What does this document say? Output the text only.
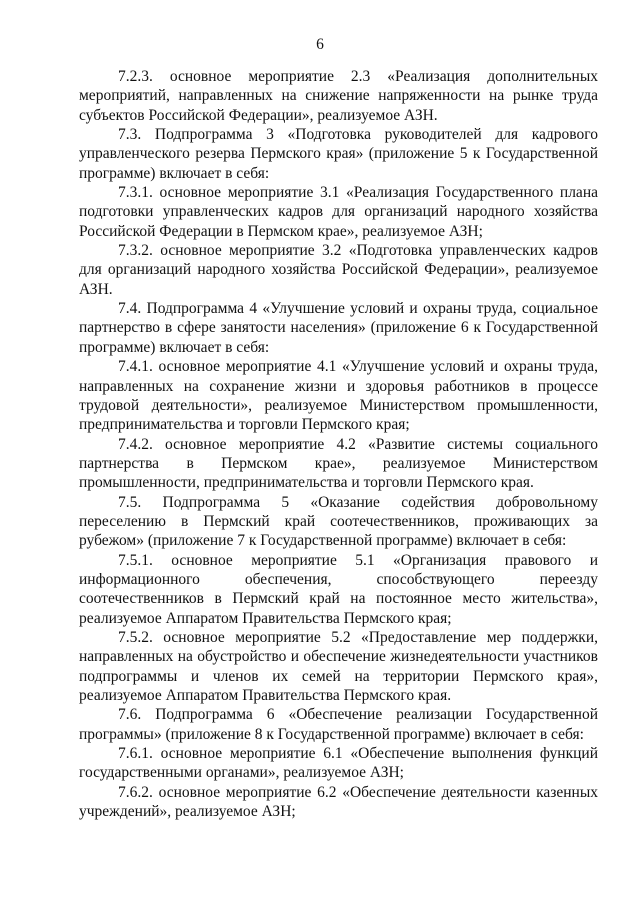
6

7.2.3. основное мероприятие 2.3 «Реализация дополнительных мероприятий, направленных на снижение напряженности на рынке труда субъектов Российской Федерации», реализуемое АЗН.

7.3. Подпрограмма 3 «Подготовка руководителей для кадрового управленческого резерва Пермского края» (приложение 5 к Государственной программе) включает в себя:

7.3.1. основное мероприятие 3.1 «Реализация Государственного плана подготовки управленческих кадров для организаций народного хозяйства Российской Федерации в Пермском крае», реализуемое АЗН;

7.3.2. основное мероприятие 3.2 «Подготовка управленческих кадров для организаций народного хозяйства Российской Федерации», реализуемое АЗН.

7.4. Подпрограмма 4 «Улучшение условий и охраны труда, социальное партнерство в сфере занятости населения» (приложение 6 к Государственной программе) включает в себя:

7.4.1. основное мероприятие 4.1 «Улучшение условий и охраны труда, направленных на сохранение жизни и здоровья работников в процессе трудовой деятельности», реализуемое Министерством промышленности, предпринимательства и торговли Пермского края;

7.4.2. основное мероприятие 4.2 «Развитие системы социального партнерства в Пермском крае», реализуемое Министерством промышленности, предпринимательства и торговли Пермского края.

7.5. Подпрограмма 5 «Оказание содействия добровольному переселению в Пермский край соотечественников, проживающих за рубежом» (приложение 7 к Государственной программе) включает в себя:

7.5.1. основное мероприятие 5.1 «Организация правового и информационного обеспечения, способствующего переезду соотечественников в Пермский край на постоянное место жительства», реализуемое Аппаратом Правительства Пермского края;

7.5.2. основное мероприятие 5.2 «Предоставление мер поддержки, направленных на обустройство и обеспечение жизнедеятельности участников подпрограммы и членов их семей на территории Пермского края», реализуемое Аппаратом Правительства Пермского края.

7.6. Подпрограмма 6 «Обеспечение реализации Государственной программы» (приложение 8 к Государственной программе) включает в себя:

7.6.1. основное мероприятие 6.1 «Обеспечение выполнения функций государственными органами», реализуемое АЗН;

7.6.2. основное мероприятие 6.2 «Обеспечение деятельности казенных учреждений», реализуемое АЗН;
